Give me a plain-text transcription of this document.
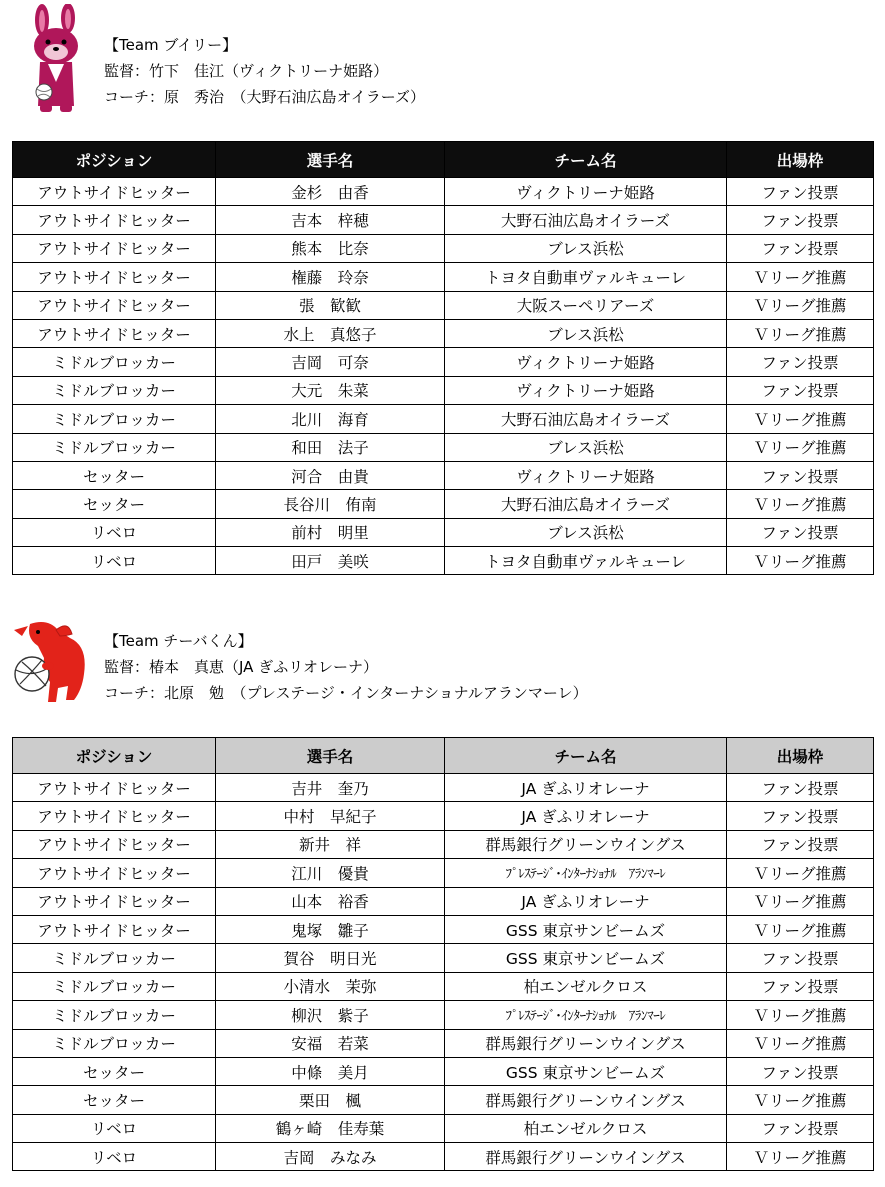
【Team ブイリー】
監督：竹下　佳江（ヴィクトリーナ姫路）
コーチ：原　秀治　（大野石油広島オイラーズ）
ポジション	選手名	チーム名	出場枠
アウトサイドヒッター	金杉　由香	ヴィクトリーナ姫路	ファン投票
アウトサイドヒッター	吉本　梓穂	大野石油広島オイラーズ	ファン投票
アウトサイドヒッター	熊本　比奈	ブレス浜松	ファン投票
アウトサイドヒッター	権藤　玲奈	トヨタ自動車ヴァルキューレ	Ｖリーグ推薦
アウトサイドヒッター	張　歓歓	大阪スーペリアーズ	Ｖリーグ推薦
アウトサイドヒッター	水上　真悠子	ブレス浜松	Ｖリーグ推薦
ミドルブロッカー	吉岡　可奈	ヴィクトリーナ姫路	ファン投票
ミドルブロッカー	大元　朱菜	ヴィクトリーナ姫路	ファン投票
ミドルブロッカー	北川　海育	大野石油広島オイラーズ	Ｖリーグ推薦
ミドルブロッカー	和田　法子	ブレス浜松	Ｖリーグ推薦
セッター	河合　由貴	ヴィクトリーナ姫路	ファン投票
セッター	長谷川　侑南	大野石油広島オイラーズ	Ｖリーグ推薦
リベロ	前村　明里	ブレス浜松	ファン投票
リベロ	田戸　美咲	トヨタ自動車ヴァルキューレ	Ｖリーグ推薦
【Team チーバくん】
監督：椿本　真恵（JA ぎふリオレーナ）
コーチ：北原　勉　（プレステージ・インターナショナルアランマーレ）
ポジション	選手名	チーム名	出場枠
アウトサイドヒッター	吉井　奎乃	JA ぎふリオレーナ	ファン投票
アウトサイドヒッター	中村　早紀子	JA ぎふリオレーナ	ファン投票
アウトサイドヒッター	新井　祥	群馬銀行グリーンウイングス	ファン投票
アウトサイドヒッター	江川　優貴	ﾌﾟﾚｽﾃｰｼﾞ･ｲﾝﾀｰﾅｼｮﾅﾙ　ｱﾗﾝﾏｰﾚ	Ｖリーグ推薦
アウトサイドヒッター	山本　裕香	JA ぎふリオレーナ	Ｖリーグ推薦
アウトサイドヒッター	鬼塚　雛子	GSS 東京サンビームズ	Ｖリーグ推薦
ミドルブロッカー	賀谷　明日光	GSS 東京サンビームズ	ファン投票
ミドルブロッカー	小清水　茉弥	柏エンゼルクロス	ファン投票
ミドルブロッカー	柳沢　紫子	ﾌﾟﾚｽﾃｰｼﾞ･ｲﾝﾀｰﾅｼｮﾅﾙ　ｱﾗﾝﾏｰﾚ	Ｖリーグ推薦
ミドルブロッカー	安福　若菜	群馬銀行グリーンウイングス	Ｖリーグ推薦
セッター	中條　美月	GSS 東京サンビームズ	ファン投票
セッター	栗田　楓	群馬銀行グリーンウイングス	Ｖリーグ推薦
リベロ	鶴ヶ崎　佳寿葉	柏エンゼルクロス	ファン投票
リベロ	吉岡　みなみ	群馬銀行グリーンウイングス	Ｖリーグ推薦
